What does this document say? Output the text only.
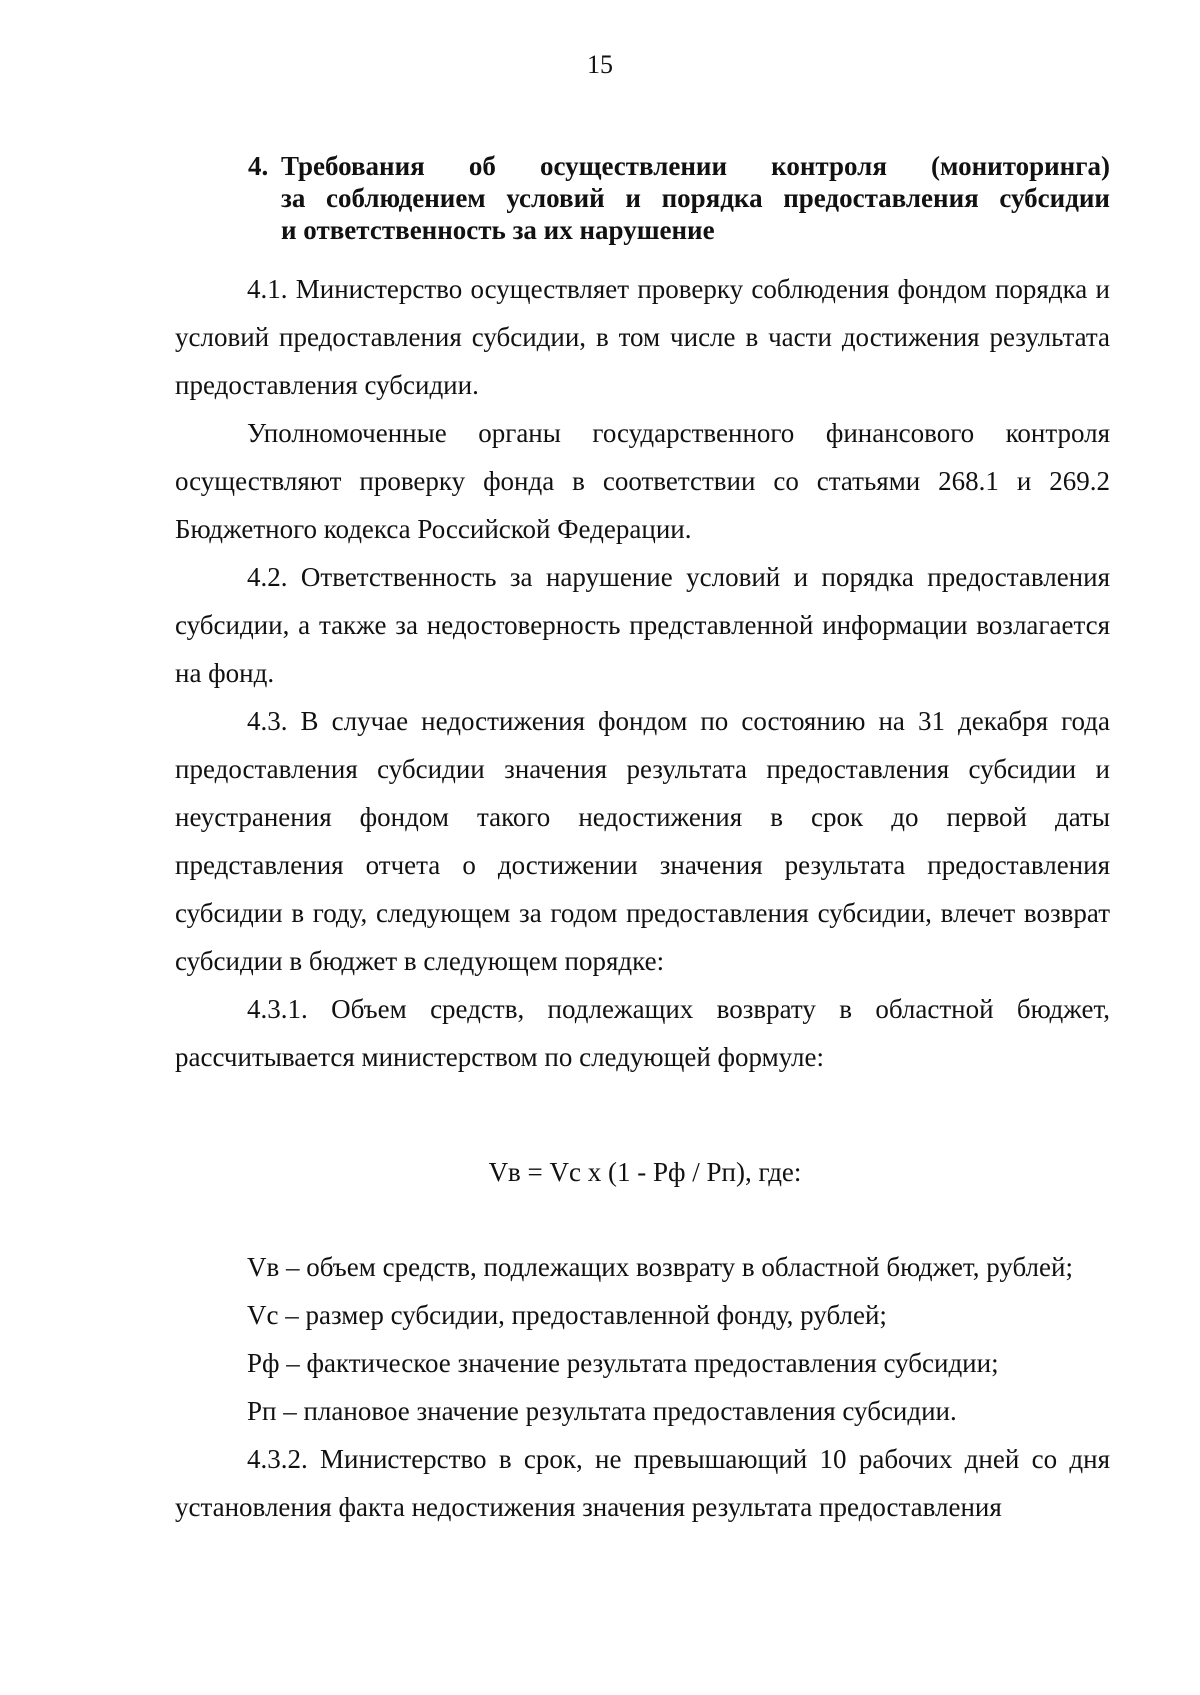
15
4. Требования об осуществлении контроля (мониторинга)
за соблюдением условий и порядка предоставления субсидии
и ответственность за их нарушение

4.1. Министерство осуществляет проверку соблюдения фондом порядка и условий предоставления субсидии, в том числе в части достижения результата предоставления субсидии.

Уполномоченные органы государственного финансового контроля осуществляют проверку фонда в соответствии со статьями 268.1 и 269.2 Бюджетного кодекса Российской Федерации.

4.2. Ответственность за нарушение условий и порядка предоставления субсидии, а также за недостоверность представленной информации возлагается на фонд.

4.3. В случае недостижения фондом по состоянию на 31 декабря года предоставления субсидии значения результата предоставления субсидии и неустранения фондом такого недостижения в срок до первой даты представления отчета о достижении значения результата предоставления субсидии в году, следующем за годом предоставления субсидии, влечет возврат субсидии в бюджет в следующем порядке:

4.3.1. Объем средств, подлежащих возврату в областной бюджет, рассчитывается министерством по следующей формуле:

Vв = Vc x (1 - Рф / Рп), где:
Vв – объем средств, подлежащих возврату в областной бюджет, рублей;
Vc – размер субсидии, предоставленной фонду, рублей;
Рф – фактическое значение результата предоставления субсидии;
Рп – плановое значение результата предоставления субсидии.

4.3.2. Министерство в срок, не превышающий 10 рабочих дней со дня установления факта недостижения значения результата предоставления
